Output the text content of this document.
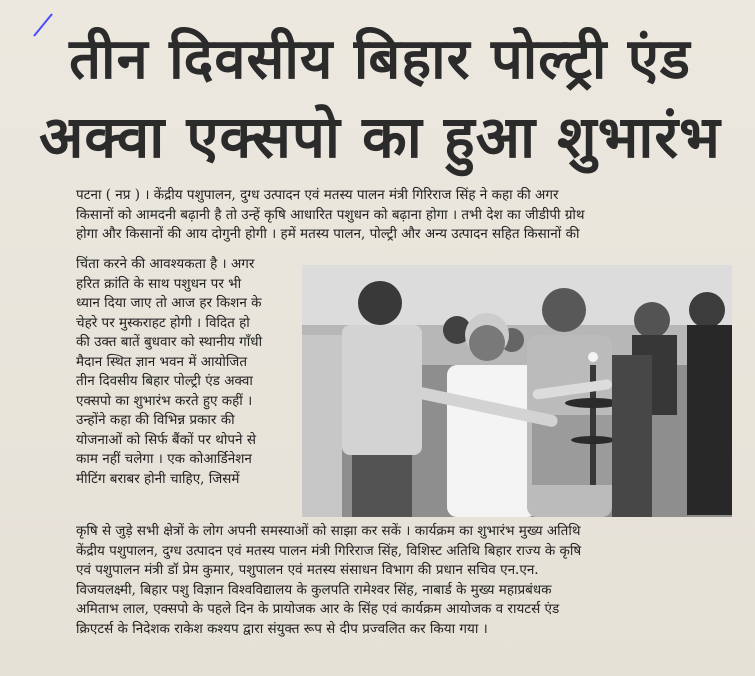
तीन दिवसीय बिहार पोल्ट्री एंड
अक्वा एक्सपो का हुआ शुभारंभ
पटना ( नप्र ) । केंद्रीय पशुपालन, दुग्ध उत्पादन एवं मतस्य पालन मंत्री गिरिराज सिंह ने कहा की अगर
किसानों को आमदनी बढ़ानी है तो उन्हें कृषि आधारित पशुधन को बढ़ाना होगा । तभी देश का जीडीपी ग्रोथ
होगा और किसानों की आय दोगुनी होगी । हमें मतस्य पालन, पोल्ट्री और अन्य उत्पादन सहित किसानों की
चिंता करने की आवश्यकता है । अगर
हरित क्रांति के साथ पशुधन पर भी
ध्यान दिया जाए तो आज हर किशन के
चेहरे पर मुस्कराहट होगी । विदित हो
की उक्त बातें बुधवार को स्थानीय गाँधी
मैदान स्थित ज्ञान भवन में आयोजित
तीन दिवसीय बिहार पोल्ट्री एंड अक्वा
एक्सपो का शुभारंभ करते हुए कहीं ।
उन्होंने कहा की विभिन्न प्रकार की
योजनाओं को सिर्फ बैंकों पर थोपने से
काम नहीं चलेगा । एक कोआर्डिनेशन
मीटिंग बराबर होनी चाहिए, जिसमें
कृषि से जुड़े सभी क्षेत्रों के लोग अपनी समस्याओं को साझा कर सकें । कार्यक्रम का शुभारंभ मुख्य अतिथि
केंद्रीय पशुपालन, दुग्ध उत्पादन एवं मतस्य पालन मंत्री गिरिराज सिंह, विशिस्ट अतिथि बिहार राज्य के कृषि
एवं पशुपालन मंत्री डॉ प्रेम कुमार, पशुपालन एवं मतस्य संसाधन विभाग की प्रधान सचिव एन.एन.
विजयलक्ष्मी, बिहार पशु विज्ञान विश्वविद्यालय के कुलपति रामेश्वर सिंह, नाबार्ड के मुख्य महाप्रबंधक
अमिताभ लाल, एक्सपो के पहले दिन के प्रायोजक आर के सिंह एवं कार्यक्रम आयोजक व रायटर्स एंड
क्रिएटर्स के निदेशक राकेश कश्यप द्वारा संयुक्त रूप से दीप प्रज्वलित कर किया गया ।
